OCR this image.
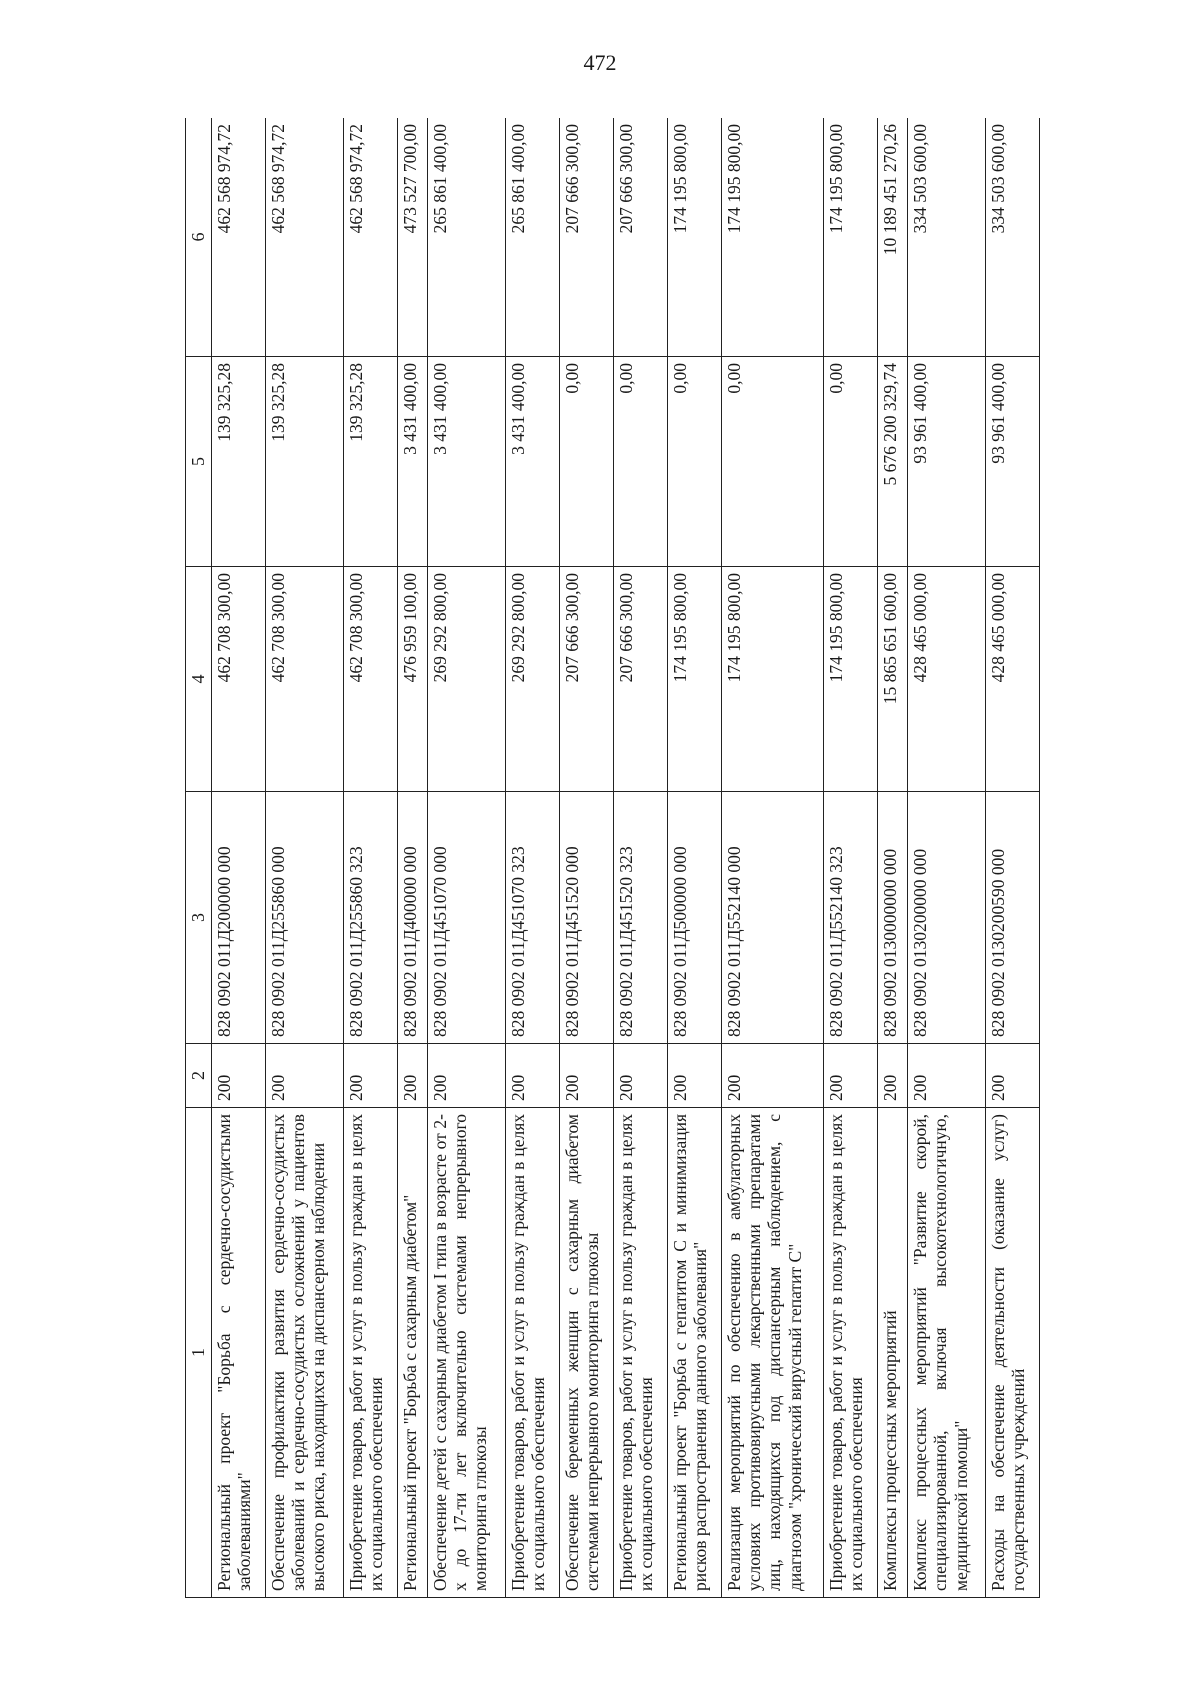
472
1	2	3	4	5	6
Региональный проект "Борьба с сердечно-сосудистыми заболеваниями"	200	828 0902 011Д200000 000	462 708 300,00	139 325,28	462 568 974,72
Обеспечение профилактики развития сердечно-сосудистых заболеваний и сердечно-сосудистых осложнений у пациентов высокого риска, находящихся на диспансерном наблюдении	200	828 0902 011Д255860 000	462 708 300,00	139 325,28	462 568 974,72
Приобретение товаров, работ и услуг в пользу граждан в целях их социального обеспечения	200	828 0902 011Д255860 323	462 708 300,00	139 325,28	462 568 974,72
Региональный проект "Борьба с сахарным диабетом"	200	828 0902 011Д400000 000	476 959 100,00	3 431 400,00	473 527 700,00
Обеспечение детей с сахарным диабетом I типа в возрасте от 2-х до 17-ти лет включительно системами непрерывного мониторинга глюкозы	200	828 0902 011Д451070 000	269 292 800,00	3 431 400,00	265 861 400,00
Приобретение товаров, работ и услуг в пользу граждан в целях их социального обеспечения	200	828 0902 011Д451070 323	269 292 800,00	3 431 400,00	265 861 400,00
Обеспечение беременных женщин с сахарным диабетом системами непрерывного мониторинга глюкозы	200	828 0902 011Д451520 000	207 666 300,00	0,00	207 666 300,00
Приобретение товаров, работ и услуг в пользу граждан в целях их социального обеспечения	200	828 0902 011Д451520 323	207 666 300,00	0,00	207 666 300,00
Региональный проект "Борьба с гепатитом С и минимизация рисков распространения данного заболевания"	200	828 0902 011Д500000 000	174 195 800,00	0,00	174 195 800,00
Реализация мероприятий по обеспечению в амбулаторных условиях противовирусными лекарственными препаратами лиц, находящихся под диспансерным наблюдением, с диагнозом "хронический вирусный гепатит С"	200	828 0902 011Д552140 000	174 195 800,00	0,00	174 195 800,00
Приобретение товаров, работ и услуг в пользу граждан в целях их социального обеспечения	200	828 0902 011Д552140 323	174 195 800,00	0,00	174 195 800,00
Комплексы процессных мероприятий	200	828 0902 0130000000 000	15 865 651 600,00	5 676 200 329,74	10 189 451 270,26
Комплекс процессных мероприятий "Развитие скорой, специализированной, включая высокотехнологичную, медицинской помощи"	200	828 0902 0130200000 000	428 465 000,00	93 961 400,00	334 503 600,00
Расходы на обеспечение деятельности (оказание услуг) государственных учреждений	200	828 0902 0130200590 000	428 465 000,00	93 961 400,00	334 503 600,00
